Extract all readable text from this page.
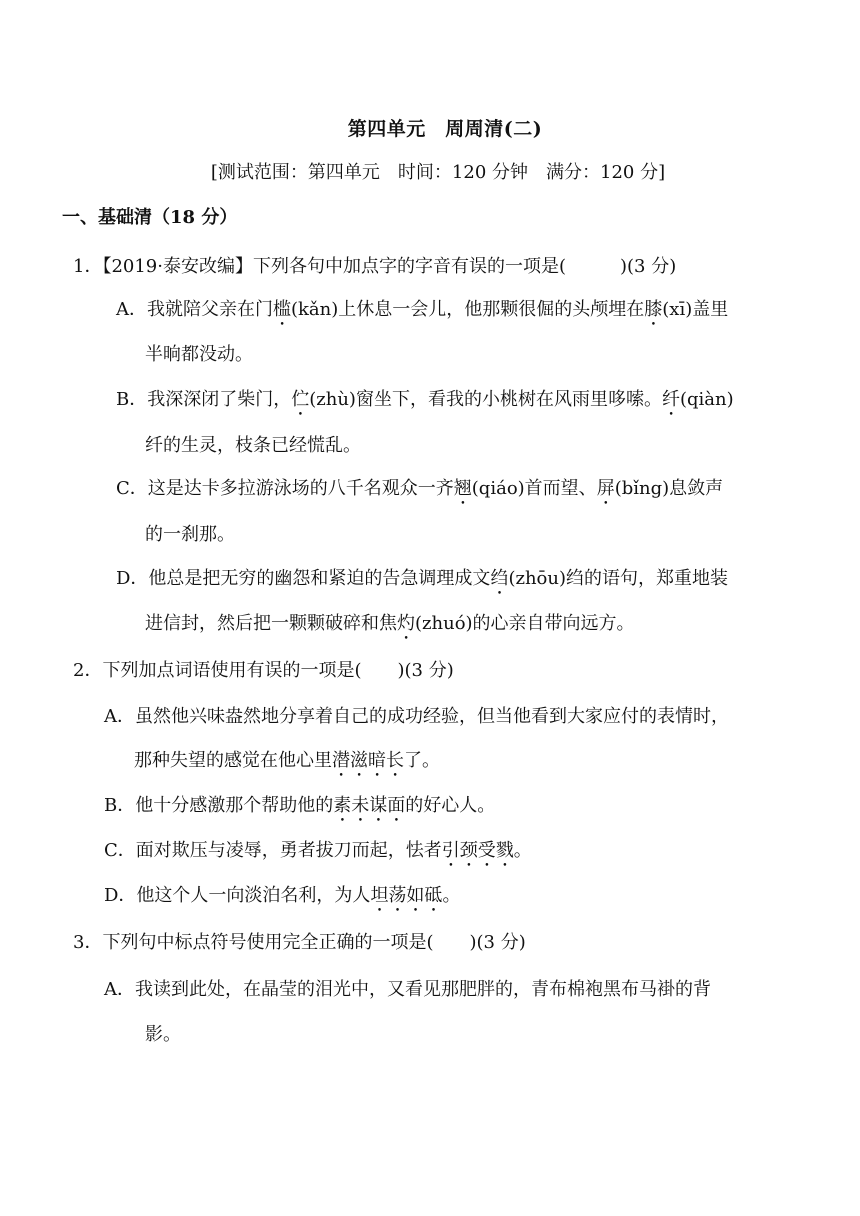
第四单元　周周清(二)
[测试范围：第四单元　时间：120 分钟　满分：120 分]
一、基础清（18 分）
1．【2019·泰安改编】下列各句中加点字的字音有误的一项是(　　　)(3 分)
A．我就陪父亲在门槛(kǎn)上休息一会儿，他那颗很倔的头颅埋在膝(xī)盖里
半晌都没动。
B．我深深闭了柴门，伫(zhù)窗坐下，看我的小桃树在风雨里哆嗦。纤(qiàn)
纤的生灵，枝条已经慌乱。
C．这是达卡多拉游泳场的八千名观众一齐翘(qiáo)首而望、屏(bǐng)息敛声
的一刹那。
D．他总是把无穷的幽怨和紧迫的告急调理成文绉(zhōu)绉的语句，郑重地装
进信封，然后把一颗颗破碎和焦灼(zhuó)的心亲自带向远方。
2．下列加点词语使用有误的一项是(　　)(3 分)
A．虽然他兴味盎然地分享着自己的成功经验，但当他看到大家应付的表情时，
那种失望的感觉在他心里潜滋暗长了。
B．他十分感激那个帮助他的素未谋面的好心人。
C．面对欺压与凌辱，勇者拔刀而起，怯者引颈受戮。
D．他这个人一向淡泊名利，为人坦荡如砥。
3．下列句中标点符号使用完全正确的一项是(　　)(3 分)
A．我读到此处，在晶莹的泪光中，又看见那肥胖的，青布棉袍黑布马褂的背
影。
